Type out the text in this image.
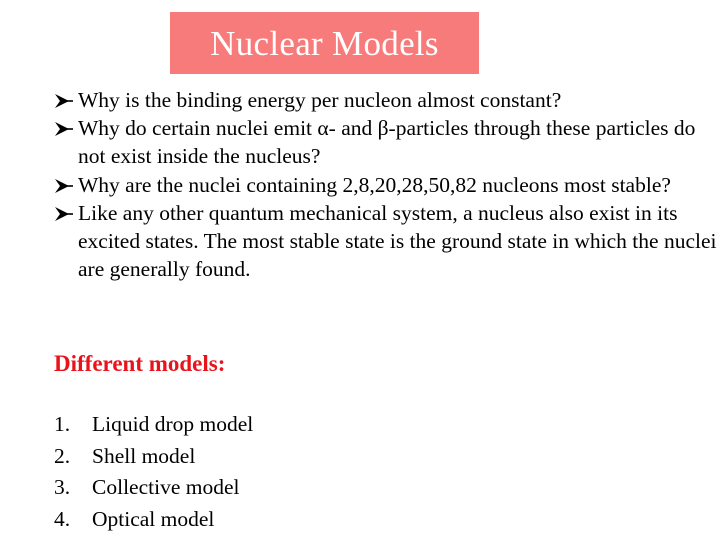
Nuclear Models
Why is the binding energy per nucleon almost constant?
Why do certain nuclei emit α- and β-particles through these particles do not exist inside the nucleus?
Why are the nuclei containing 2,8,20,28,50,82 nucleons most stable?
Like any other quantum mechanical system, a nucleus also exist in its excited states. The most stable state is the ground state in which the nuclei are generally found.
Different models:
1.	Liquid drop model
2.	Shell model
3.	Collective model
4.	Optical model
